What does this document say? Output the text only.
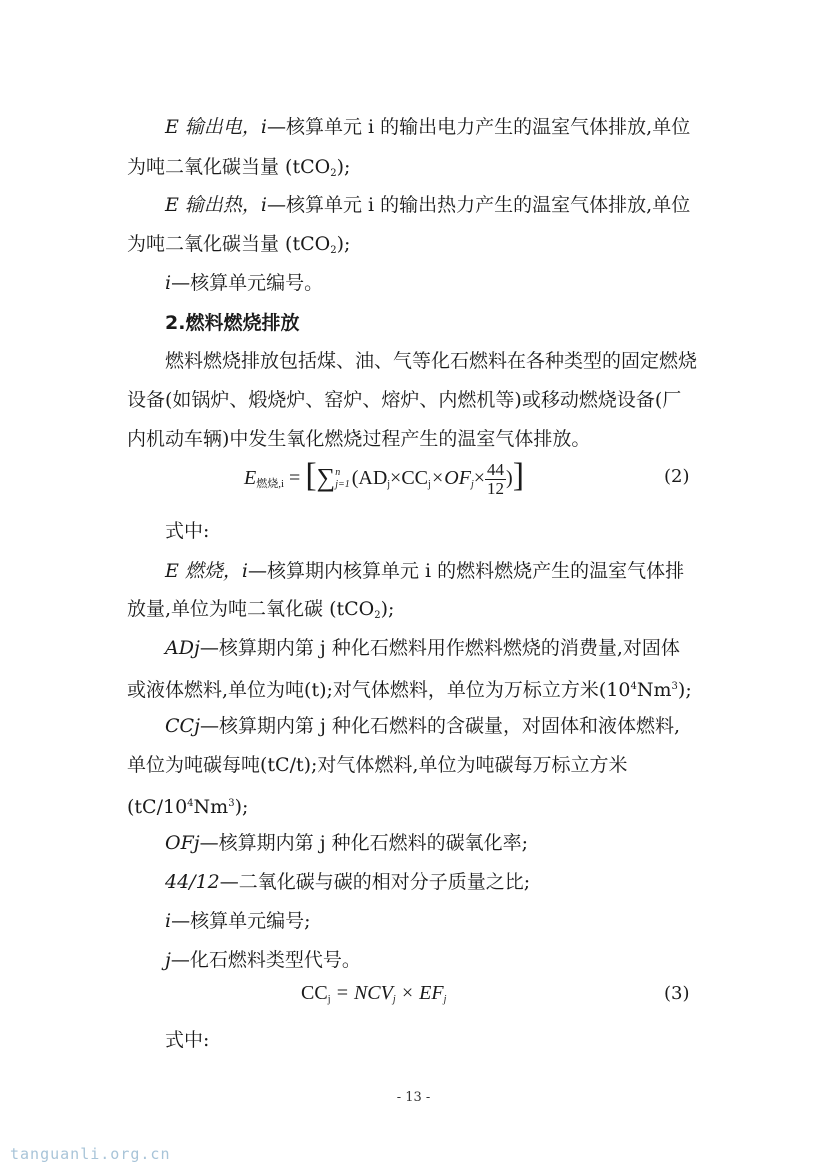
E 输出电，i—核算单元 i 的输出电力产生的温室气体排放,单位
为吨二氧化碳当量 (tCO$_2$);
E 输出热，i—核算单元 i 的输出热力产生的温室气体排放,单位
为吨二氧化碳当量 (tCO$_2$);
i—核算单元编号。
2.燃料燃烧排放
燃料燃烧排放包括煤、油、气等化石燃料在各种类型的固定燃烧
设备(如锅炉、煅烧炉、窑炉、熔炉、内燃机等)或移动燃烧设备(厂
内机动车辆)中发生氧化燃烧过程产生的温室气体排放。
$E_{燃烧,i}$ = [∑ n
j=1 ($AD_j\times CC_j\times OF_j\times \frac{44}{12}$ )]	(2)
式中:
E 燃烧，i—核算期内核算单元 i 的燃料燃烧产生的温室气体排
放量,单位为吨二氧化碳 (tCO$_2$);
ADj—核算期内第 j 种化石燃料用作燃料燃烧的消费量,对固体
或液体燃料,单位为吨(t);对气体燃料，单位为万标立方米$(10^4Nm^3)$;
CCj—核算期内第 j 种化石燃料的含碳量，对固体和液体燃料,
单位为吨碳每吨(tC/t);对气体燃料,单位为吨碳每万标立方米
$(tC/10^4Nm^3)$;
OFj—核算期内第 j 种化石燃料的碳氧化率;
44/12—二氧化碳与碳的相对分子质量之比;
i—核算单元编号;
j—化石燃料类型代号。
$CC_j = NCV_j \times EF_j$	(3)
式中:
- 13 -
tanguanli.org.cn
